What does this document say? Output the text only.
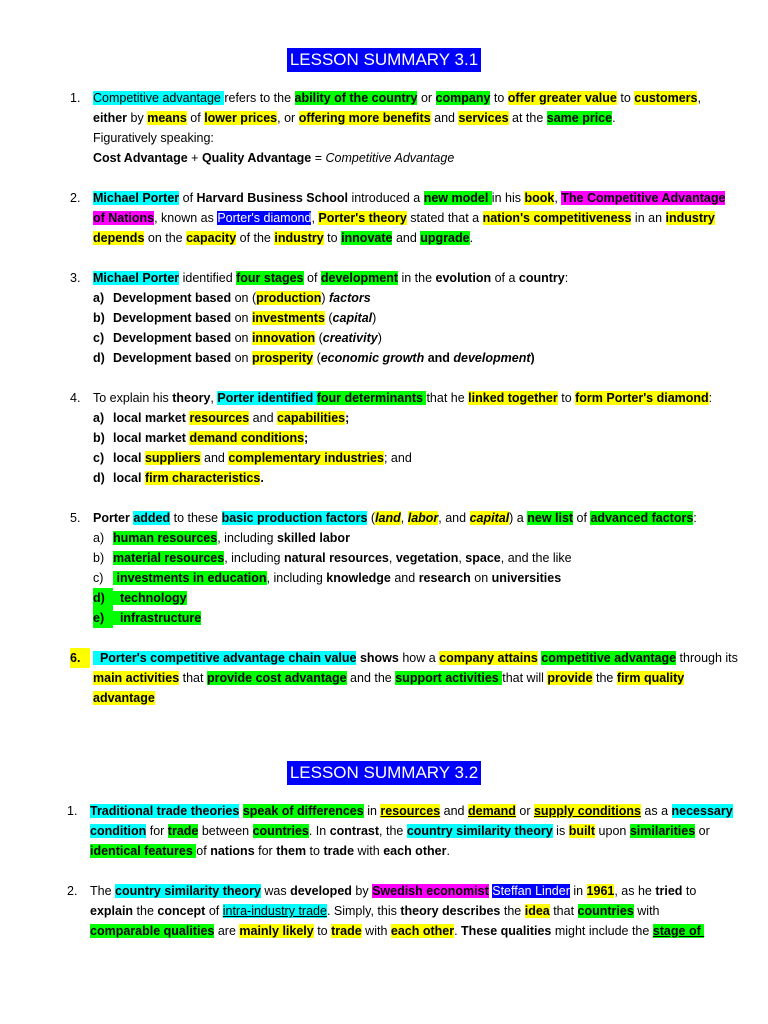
LESSON SUMMARY 3.1
1.	Competitive advantage refers to the ability of the country or company to offer greater value to customers,
either by means of lower prices, or offering more benefits and services at the same price.
Figuratively speaking:
Cost Advantage + Quality Advantage = Competitive Advantage
2.	Michael Porter of Harvard Business School introduced a new model in his book, The Competitive Advantage
of Nations, known as Porter's diamond, Porter's theory stated that a nation's competitiveness in an industry
depends on the capacity of the industry to innovate and upgrade.
3.	Michael Porter identified four stages of development in the evolution of a country:
a) Development based on (production) factors
b) Development based on investments (capital)
c) Development based on innovation (creativity)
d) Development based on prosperity (economic growth and development)
4.	To explain his theory, Porter identified four determinants that he linked together to form Porter's diamond:
a) local market resources and capabilities;
b) local market demand conditions;
c) local suppliers and complementary industries; and
d) local firm characteristics.
5.	Porter added to these basic production factors (land, labor, and capital) a new list of advanced factors:
a) human resources, including skilled labor
b) material resources, including natural resources, vegetation, space, and the like
c) investments in education, including knowledge and research on universities
d) technology
e) infrastructure
6.	Porter's competitive advantage chain value shows how a company attains competitive advantage through its
main activities that provide cost advantage and the support activities that will provide the firm quality
advantage
LESSON SUMMARY 3.2
1.	Traditional trade theories speak of differences in resources and demand or supply conditions as a necessary
condition for trade between countries. In contrast, the country similarity theory is built upon similarities or
identical features of nations for them to trade with each other.
2.	The country similarity theory was developed by Swedish economist Steffan Linder in 1961, as he tried to
explain the concept of intra-industry trade. Simply, this theory describes the idea that countries with
comparable qualities are mainly likely to trade with each other. These qualities might include the stage of
